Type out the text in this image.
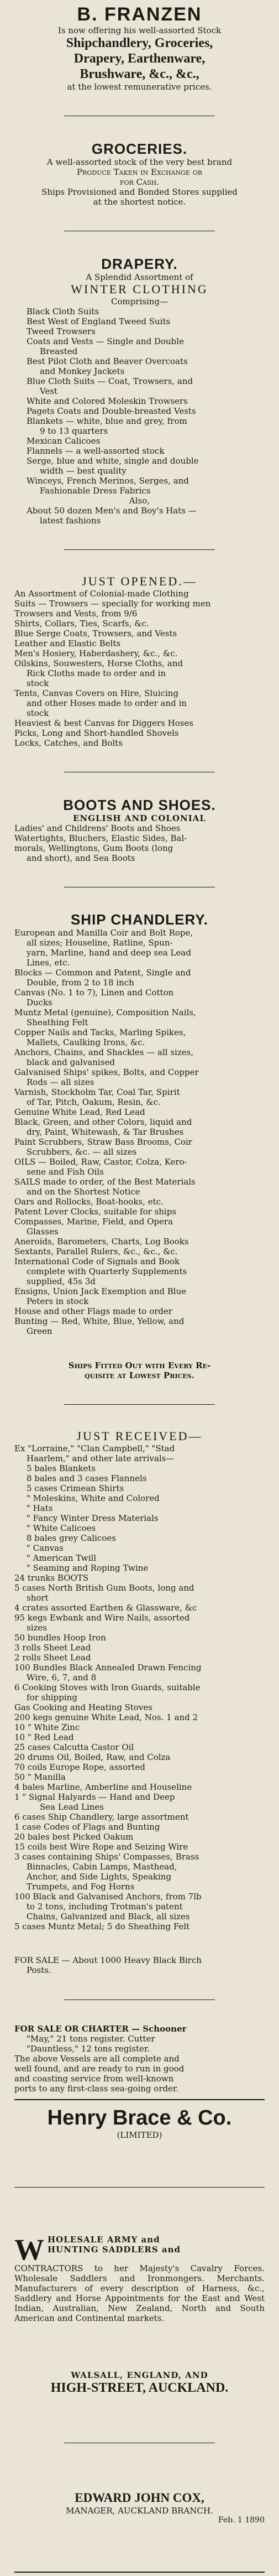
B. FRANZEN
Is now offering his well-assorted Stock
Shipchandlery, Groceries,
Drapery, Earthenware,
Brushware, &c., &c.,
at the lowest remunerative prices.
GROCERIES.
A well-assorted stock of the very best brand
Produce Taken in Exchange or
for Cash.
Ships Provisioned and Bonded Stores supplied
at the shortest notice.
DRAPERY.
A Splendid Assortment of
WINTER CLOTHING
Comprising—
Black Cloth Suits
Best West of England Tweed Suits
Tweed Trowsers
Coats and Vests — Single and Double
Breasted
Best Pilot Cloth and Beaver Overcoats
and Monkey Jackets
Blue Cloth Suits — Coat, Trowsers, and
Vest
White and Colored Moleskin Trowsers
Pagets Coats and Double-breasted Vests
Blankets — white, blue and grey, from
9 to 13 quarters
Mexican Calicoes
Flannels — a well-assorted stock
Serge, blue and white, single and double
width — best quality
Winceys, French Merinos, Serges, and
Fashionable Dress Fabrics
Also,
About 50 dozen Men's and Boy's Hats —
latest fashions
JUST OPENED.—
An Assortment of Colonial-made Clothing
Suits — Trowsers — specially for working men
Trowsers and Vests, from 9/6
Shirts, Collars, Ties, Scarfs, &c.
Blue Serge Coats, Trowsers, and Vests
Leather and Elastic Belts
Men's Hosiery, Haberdashery, &c., &c.
Oilskins, Souwesters, Horse Cloths, and
Rick Cloths made to order and in
stock
Tents, Canvas Covers on Hire, Sluicing
and other Hoses made to order and in
stock
Heaviest & best Canvas for Diggers Hoses
Picks, Long and Short-handled Shovels
Locks, Catches, and Bolts
BOOTS AND SHOES.
ENGLISH AND COLONIAL
Ladies' and Childrens' Boots and Shoes
Watertights, Bluchers, Elastic Sides, Bal-
morals, Wellingtons, Gum Boots (long
and short), and Sea Boots
SHIP CHANDLERY.
European and Manilla Coir and Bolt Rope,
all sizes; Houseline, Ratline, Spun-
yarn, Marline, hand and deep sea Lead
Lines, etc.
Blocks — Common and Patent, Single and
Double, from 2 to 18 inch
Canvas (No. 1 to 7), Linen and Cotton
Ducks
Muntz Metal (genuine), Composition Nails,
Sheathing Felt
Copper Nails and Tacks, Marling Spikes,
Mallets, Caulking Irons, &c.
Anchors, Chains, and Shackles — all sizes,
black and galvanised
Galvanised Ships' spikes, Bolts, and Copper
Rods — all sizes
Varnish, Stockholm Tar, Coal Tar, Spirit
of Tar, Pitch, Oakum, Resin, &c.
Genuine White Lead, Red Lead
Black, Green, and other Colors, liquid and
dry, Paint, Whitewash, & Tar Brushes
Paint Scrubbers, Straw Bass Brooms, Coir
Scrubbers, &c. — all sizes
OILS — Boiled, Raw, Castor, Colza, Kero-
sene and Fish Oils
SAILS made to order, of the Best Materials
and on the Shortest Notice
Oars and Rollocks, Boat-hooks, etc.
Patent Lever Clocks, suitable for ships
Compasses, Marine, Field, and Opera
Glasses
Aneroids, Barometers, Charts, Log Books
Sextants, Parallel Rulers, &c., &c., &c.
International Code of Signals and Book
complete with Quarterly Supplements
supplied, 45s 3d
Ensigns, Union Jack Exemption and Blue
Peters in stock
House and other Flags made to order
Bunting — Red, White, Blue, Yellow, and
Green
Ships Fitted Out with Every Re-
quisite at Lowest Prices.
JUST RECEIVED—
Ex "Lorraine," "Clan Campbell," "Stad
Haarlem," and other late arrivals—
5 bales Blankets
8 bales and 3 cases Flannels
5 cases Crimean Shirts
" Moleskins, White and Colored
" Hats
" Fancy Winter Dress Materials
" White Calicoes
8 bales grey Calicoes
" Canvas
" American Twill
" Seaming and Roping Twine
24 trunks BOOTS
5 cases North British Gum Boots, long and
short
4 crates assorted Earthen & Glassware, &c
95 kegs Ewbank and Wire Nails, assorted
sizes
50 bundles Hoop Iron
3 rolls Sheet Lead
2 rolls Sheet Lead
100 Bundles Black Annealed Drawn Fencing
Wire, 6, 7, and 8
6 Cooking Stoves with Iron Guards, suitable
for shipping
Gas Cooking and Heating Stoves
200 kegs genuine White Lead, Nos. 1 and 2
10 " White Zinc
10 " Red Lead
25 cases Calcutta Castor Oil
20 drums Oil, Boiled, Raw, and Colza
70 coils Europe Rope, assorted
50 " Manilla
4 bales Marline, Amberline and Houseline
1 " Signal Halyards — Hand and Deep
Sea Lead Lines
6 cases Ship Chandlery, large assortment
1 case Codes of Flags and Bunting
20 bales best Picked Oakum
15 coils best Wire Rope and Seizing Wire
3 cases containing Ships' Compasses, Brass
Binnacles, Cabin Lamps, Masthead,
Anchor, and Side Lights, Speaking
Trumpets, and Fog Horns
100 Black and Galvanised Anchors, from 7lb
to 2 tons, including Trotman's patent
Chains, Galvanized and Black, all sizes
5 cases Muntz Metal; 5 do Sheathing Felt
FOR SALE — About 1000 Heavy Black Birch
Posts.
FOR SALE OR CHARTER — Schooner
"May," 21 tons register. Cutter
"Dauntless," 12 tons register.
The above Vessels are all complete and
well found, and are ready to run in good
and coasting service from well-known
ports to any first-class sea-going order.
Henry Brace & Co.
(LIMITED)
W HOLESALE ARMY and
HUNTING SADDLERS and
CONTRACTORS to her Majesty's Cavalry Forces. Wholesale Saddlers and Ironmongers. Merchants. Manufacturers of every description of Harness, &c., Saddlery and Horse Appointments for the East and West Indian, Australian, New Zealand, North and South American and Continental markets.
WALSALL, ENGLAND, AND
HIGH-STREET, AUCKLAND.
EDWARD JOHN COX,
MANAGER, AUCKLAND BRANCH.
Feb. 1 1890
